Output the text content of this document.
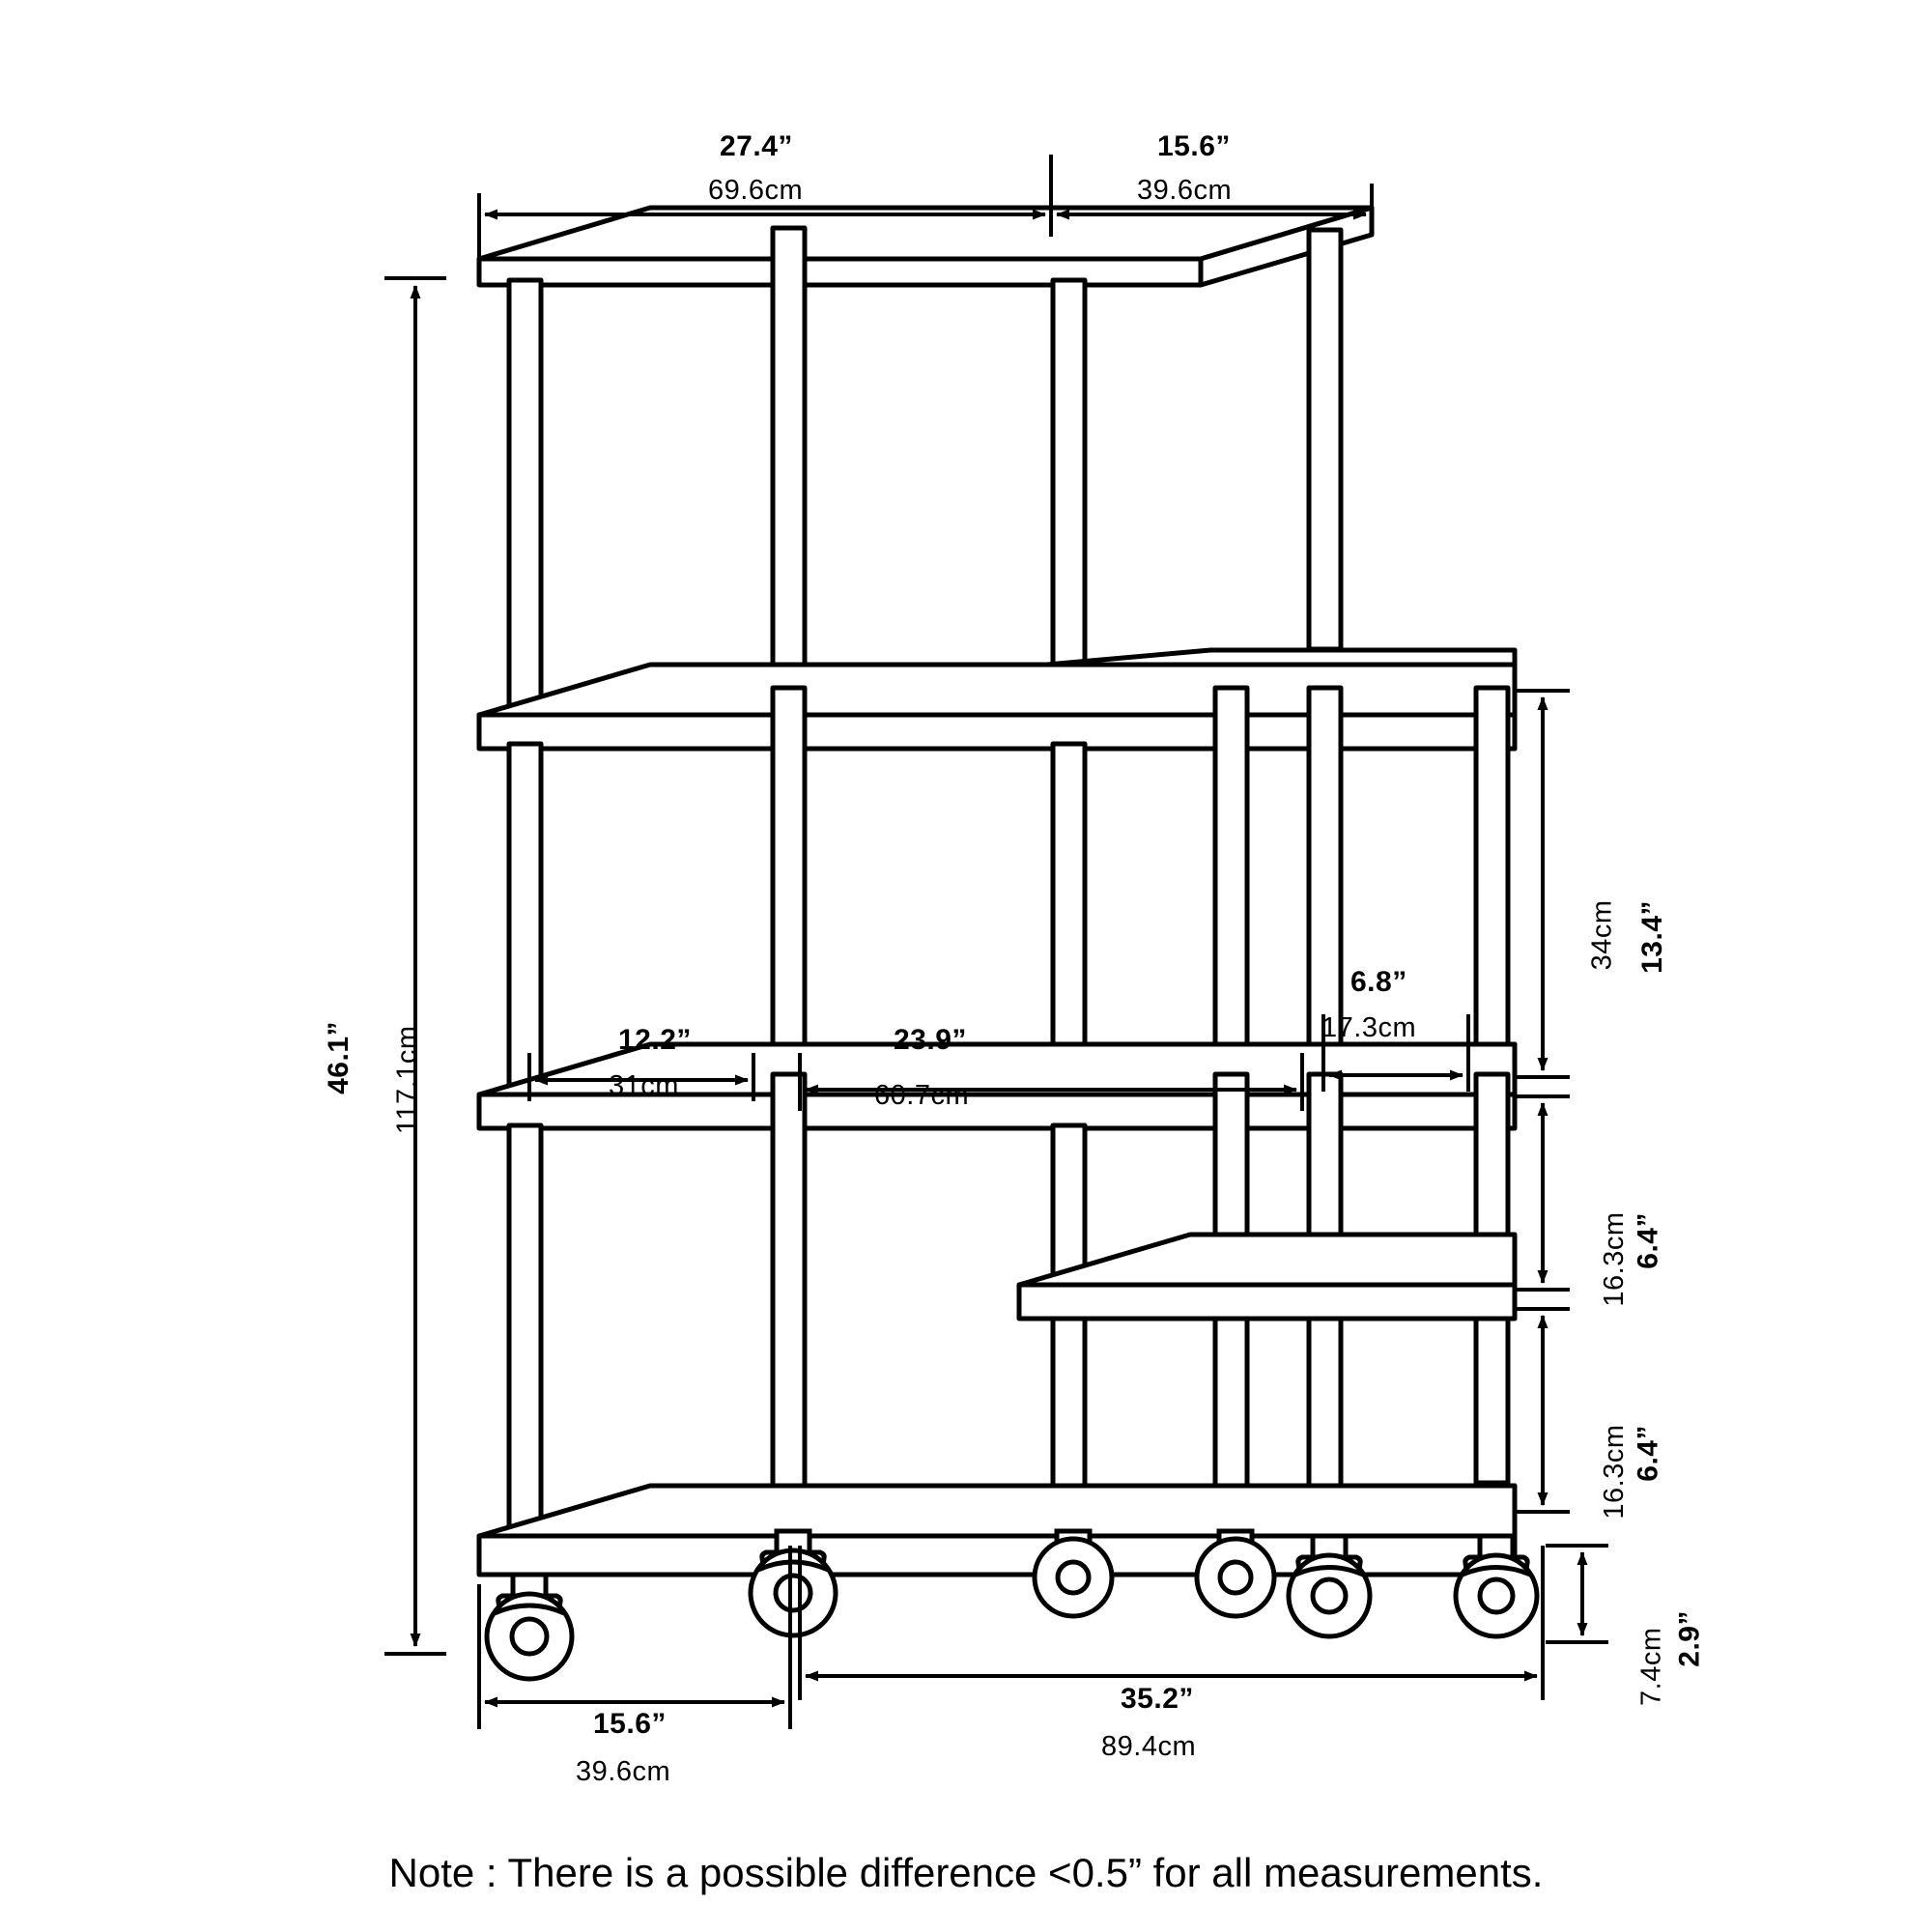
27.4”
69.6cm
15.6”
39.6cm
46.1” 117.1cm
34cm 13.4”
16.3cm 6.4”
16.3cm 6.4”
7.4cm 2.9”
12.2”
31cm
23.9”
60.7cm
6.8”
17.3cm
15.6”
39.6cm
35.2”
89.4cm
Note : There is a possible difference <0.5” for all measurements.
